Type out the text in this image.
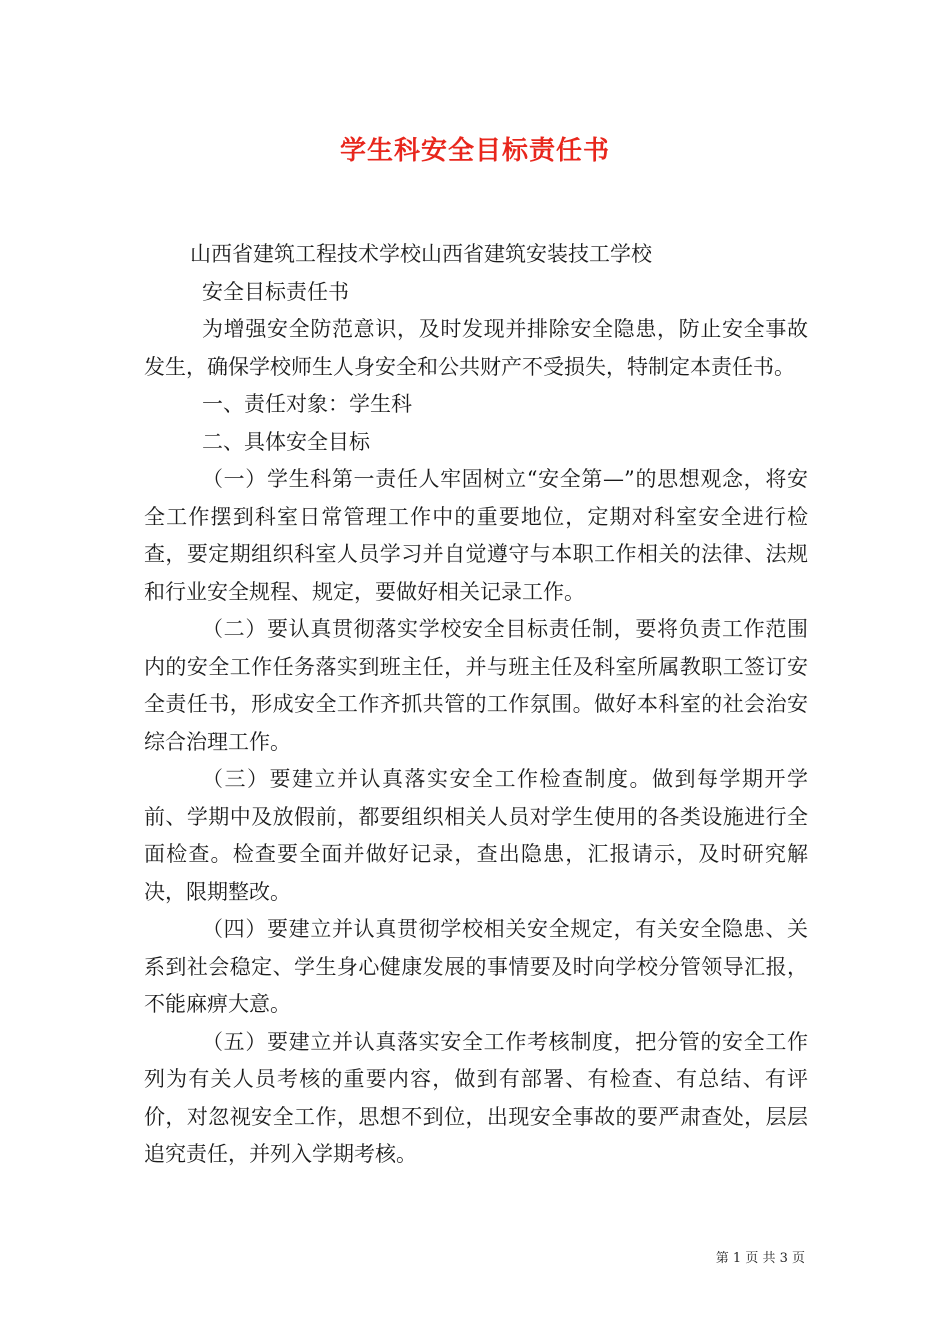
学生科安全目标责任书

山西省建筑工程技术学校山西省建筑安装技工学校

安全目标责任书

为增强安全防范意识，及时发现并排除安全隐患，防止安全事故发生，确保学校师生人身安全和公共财产不受损失，特制定本责任书。

一、责任对象：学生科

二、具体安全目标

（一）学生科第一责任人牢固树立“安全第—”的思想观念，将安全工作摆到科室日常管理工作中的重要地位，定期对科室安全进行检查，要定期组织科室人员学习并自觉遵守与本职工作相关的法律、法规和行业安全规程、规定，要做好相关记录工作。

（二）要认真贯彻落实学校安全目标责任制，要将负责工作范围内的安全工作任务落实到班主任，并与班主任及科室所属教职工签订安全责任书，形成安全工作齐抓共管的工作氛围。做好本科室的社会治安综合治理工作。

（三）要建立并认真落实安全工作检查制度。做到每学期开学前、学期中及放假前，都要组织相关人员对学生使用的各类设施进行全面检查。检查要全面并做好记录，查出隐患，汇报请示，及时研究解决，限期整改。

（四）要建立并认真贯彻学校相关安全规定，有关安全隐患、关系到社会稳定、学生身心健康发展的事情要及时向学校分管领导汇报，不能麻痹大意。

（五）要建立并认真落实安全工作考核制度，把分管的安全工作列为有关人员考核的重要内容，做到有部署、有检查、有总结、有评价，对忽视安全工作，思想不到位，出现安全事故的要严肃查处，层层追究责任，并列入学期考核。

第 1 页 共 3 页
